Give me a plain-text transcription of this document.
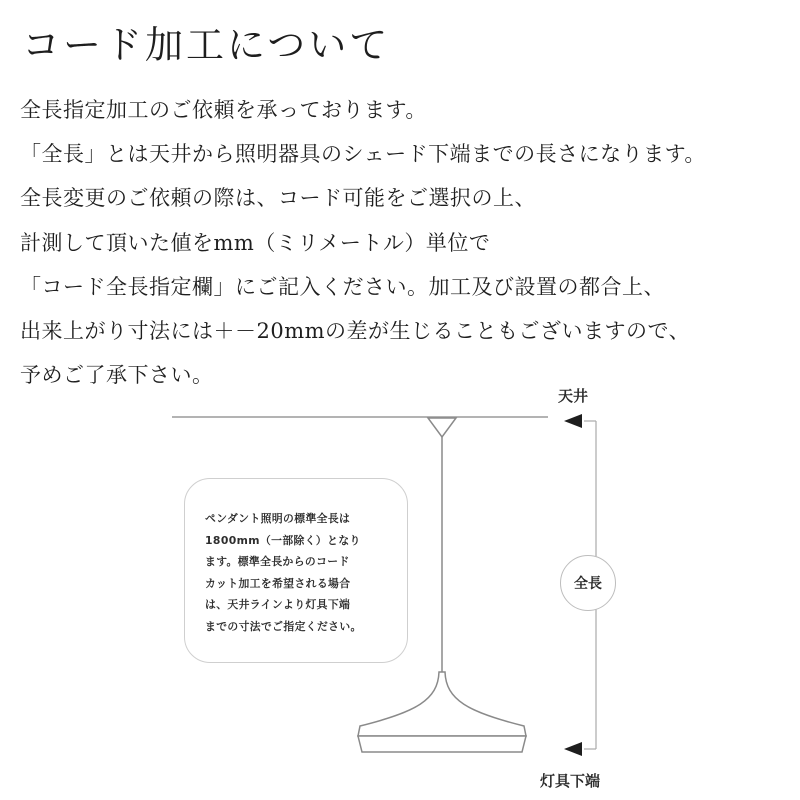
コード加工について
全長指定加工のご依頼を承っております。
「全長」とは天井から照明器具のシェード下端までの長さになります。
全長変更のご依頼の際は、コード可能をご選択の上、
計測して頂いた値をmm（ミリメートル）単位で
「コード全長指定欄」にご記入ください。加工及び設置の都合上、
出来上がり寸法には＋－20mmの差が生じることもございますので、
予めご了承下さい。
天井
灯具下端
ペンダント照明の標準全長は
1800mm（一部除く）となり
ます。標準全長からのコード
カット加工を希望される場合
は、天井ラインより灯具下端
までの寸法でご指定ください。
全長
